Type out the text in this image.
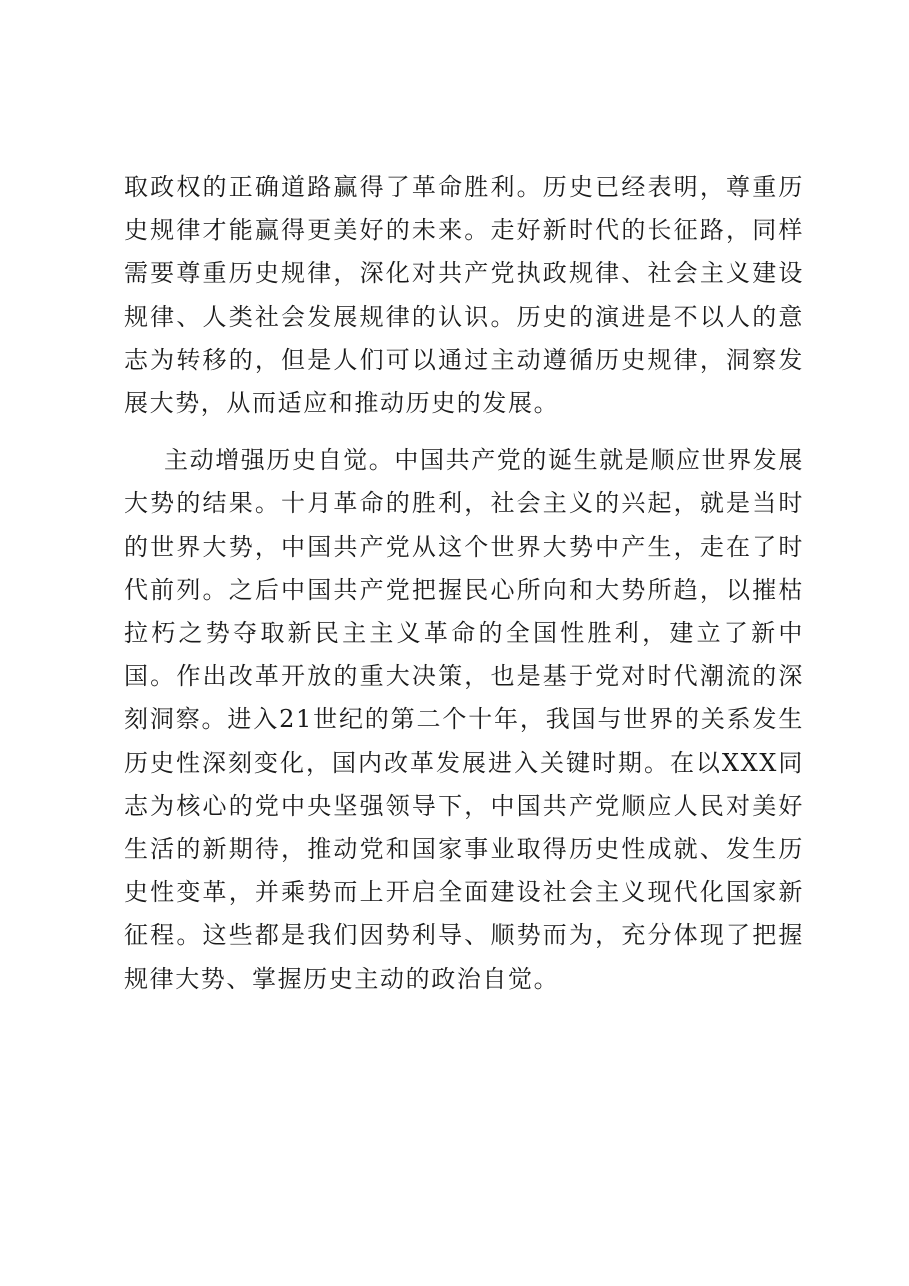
取政权的正确道路赢得了革命胜利。历史已经表明，尊重历史规律才能赢得更美好的未来。走好新时代的长征路，同样需要尊重历史规律，深化对共产党执政规律、社会主义建设规律、人类社会发展规律的认识。历史的演进是不以人的意志为转移的，但是人们可以通过主动遵循历史规律，洞察发展大势，从而适应和推动历史的发展。

主动增强历史自觉。中国共产党的诞生就是顺应世界发展大势的结果。十月革命的胜利，社会主义的兴起，就是当时的世界大势，中国共产党从这个世界大势中产生，走在了时代前列。之后中国共产党把握民心所向和大势所趋，以摧枯拉朽之势夺取新民主主义革命的全国性胜利，建立了新中国。作出改革开放的重大决策，也是基于党对时代潮流的深刻洞察。进入21世纪的第二个十年，我国与世界的关系发生历史性深刻变化，国内改革发展进入关键时期。在以XXX同志为核心的党中央坚强领导下，中国共产党顺应人民对美好生活的新期待，推动党和国家事业取得历史性成就、发生历史性变革，并乘势而上开启全面建设社会主义现代化国家新征程。这些都是我们因势利导、顺势而为，充分体现了把握规律大势、掌握历史主动的政治自觉。
